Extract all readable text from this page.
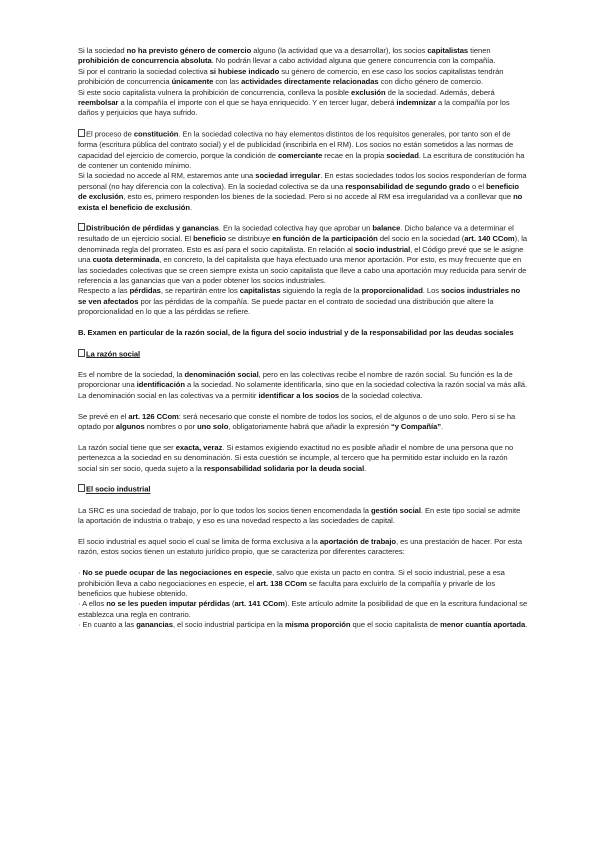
Si la sociedad no ha previsto género de comercio alguno (la actividad que va a desarrollar), los socios capitalistas tienen prohibición de concurrencia absoluta. No podrán llevar a cabo actividad alguna que genere concurrencia con la compañía.

Si por el contrario la sociedad colectiva si hubiese indicado su género de comercio, en ese caso los socios capitalistas tendrán prohibición de concurrencia únicamente con las actividades directamente relacionadas con dicho género de comercio.

Si este socio capitalista vulnera la prohibición de concurrencia, conlleva la posible exclusión de la sociedad. Además, deberá reembolsar a la compañía el importe con el que se haya enriquecido. Y en tercer lugar, deberá indemnizar a la compañía por los daños y perjuicios que haya sufrido.

El proceso de constitución. En la sociedad colectiva no hay elementos distintos de los requisitos generales, por tanto son el de forma (escritura pública del contrato social) y el de publicidad (inscribirla en el RM). Los socios no están sometidos a las normas de capacidad del ejercicio de comercio, porque la condición de comerciante recae en la propia sociedad. La escritura de constitución ha de contener un contenido mínimo.

Si la sociedad no accede al RM, estaremos ante una sociedad irregular. En estas sociedades todos los socios responderían de forma personal (no hay diferencia con la colectiva). En la sociedad colectiva se da una responsabilidad de segundo grado o el beneficio de exclusión, esto es, primero responden los bienes de la sociedad. Pero si no accede al RM esa irregularidad va a conllevar que no exista el beneficio de exclusión.

Distribución de pérdidas y ganancias. En la sociedad colectiva hay que aprobar un balance. Dicho balance va a determinar el resultado de un ejercicio social. El beneficio se distribuye en función de la participación del socio en la sociedad (art. 140 CCom), la denominada regla del prorrateo. Esto es así para el socio capitalista. En relación al socio industrial, el Código prevé que se le asigne una cuota determinada, en concreto, la del capitalista que haya efectuado una menor aportación. Por esto, es muy frecuente que en las sociedades colectivas que se creen siempre exista un socio capitalista que lleve a cabo una aportación muy reducida para servir de referencia a las ganancias que van a poder obtener los socios industriales.

Respecto a las pérdidas, se repartirán entre los capitalistas siguiendo la regla de la proporcionalidad. Los socios industriales no se ven afectados por las pérdidas de la compañía. Se puede pactar en el contrato de sociedad una distribución que altere la proporcionalidad en lo que a las pérdidas se refiere.

B. Examen en particular de la razón social, de la figura del socio industrial y de la responsabilidad por las deudas sociales

La razón social

Es el nombre de la sociedad, la denominación social, pero en las colectivas recibe el nombre de razón social. Su función es la de proporcionar una identificación a la sociedad. No solamente identificarla, sino que en la sociedad colectiva la razón social va más allá. La denominación social en las colectivas va a permitir identificar a los socios de la sociedad colectiva.

Se prevé en el art. 126 CCom: será necesario que conste el nombre de todos los socios, el de algunos o de uno solo. Pero si se ha optado por algunos nombres o por uno solo, obligatoriamente habrá que añadir la expresión “y Compañía”.

La razón social tiene que ser exacta, veraz. Si estamos exigiendo exactitud no es posible añadir el nombre de una persona que no pertenezca a la sociedad en su denominación. Si esta cuestión se incumple, al tercero que ha permitido estar incluido en la razón social sin ser socio, queda sujeto a la responsabilidad solidaria por la deuda social.

El socio industrial

La SRC es una sociedad de trabajo, por lo que todos los socios tienen encomendada la gestión social. En este tipo social se admite la aportación de industria o trabajo, y eso es una novedad respecto a las sociedades de capital.

El socio industrial es aquel socio el cual se limita de forma exclusiva a la aportación de trabajo, es una prestación de hacer. Por esta razón, estos socios tienen un estatuto jurídico propio, que se caracteriza por diferentes caracteres:

· No se puede ocupar de las negociaciones en especie, salvo que exista un pacto en contra. Si el socio industrial, pese a esa prohibición lleva a cabo negociaciones en especie, el art. 138 CCom se faculta para excluirlo de la compañía y privarle de los beneficios que hubiese obtenido.

· A ellos no se les pueden imputar pérdidas (art. 141 CCom). Este artículo admite la posibilidad de que en la escritura fundacional se establezca una regla en contrario.

· En cuanto a las ganancias, el socio industrial participa en la misma proporción que el socio capitalista de menor cuantía aportada.
